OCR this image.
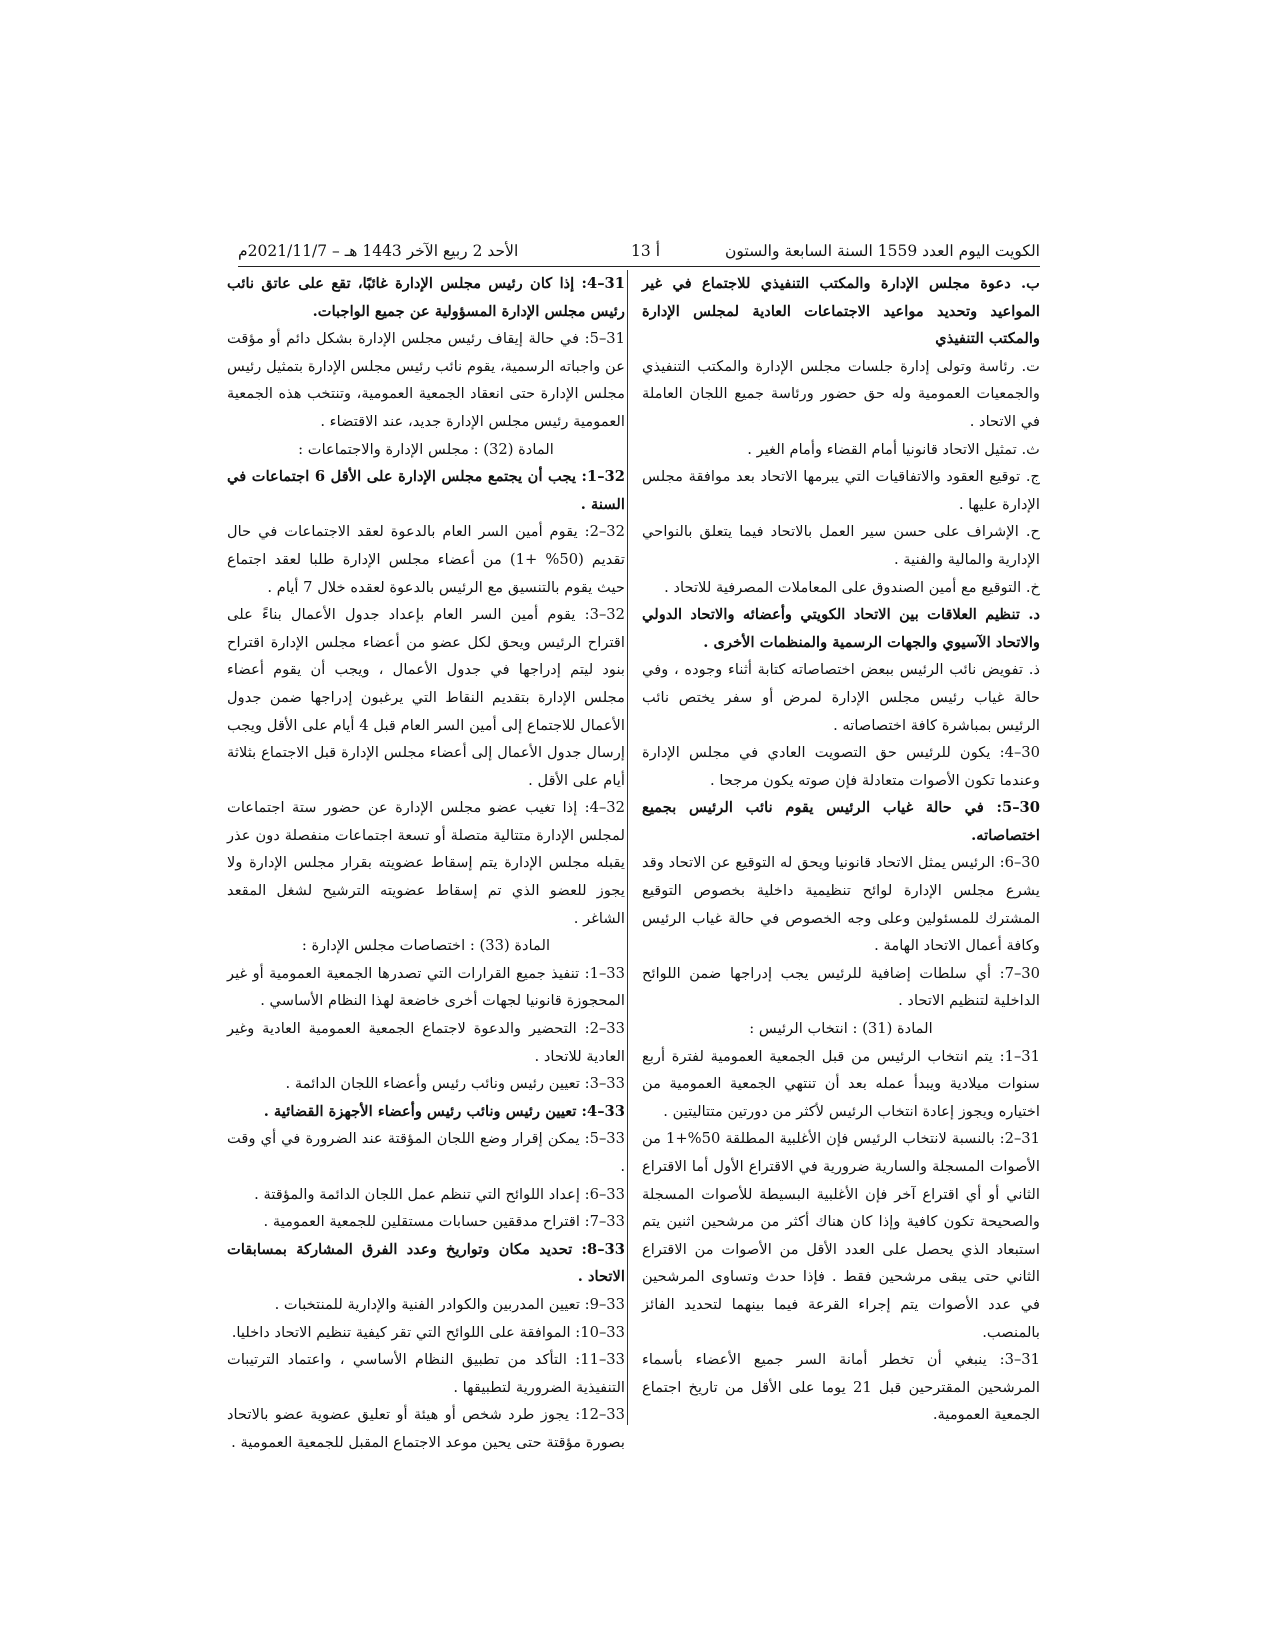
الكويت اليوم العدد 1559 السنة السابعة والستون
أ 13
الأحد 2 ربيع الآخر 1443 هـ – 2021/11/7م

ب. دعوة مجلس الإدارة والمكتب التنفيذي للاجتماع في غير المواعيد وتحديد مواعيد الاجتماعات العادية لمجلس الإدارة والمكتب التنفيذي

ت. رئاسة وتولى إدارة جلسات مجلس الإدارة والمكتب التنفيذي والجمعيات العمومية وله حق حضور ورئاسة جميع اللجان العاملة في الاتحاد .

ث. تمثيل الاتحاد قانونيا أمام القضاء وأمام الغير .

ج. توقيع العقود والاتفاقيات التي يبرمها الاتحاد بعد موافقة مجلس الإدارة عليها .

ح. الإشراف على حسن سير العمل بالاتحاد فيما يتعلق بالنواحي الإدارية والمالية والفنية .

خ. التوقيع مع أمين الصندوق على المعاملات المصرفية للاتحاد .

د. تنظيم العلاقات بين الاتحاد الكويتي وأعضائه والاتحاد الدولي والاتحاد الآسيوي والجهات الرسمية والمنظمات الأخرى .

ذ. تفويض نائب الرئيس ببعض اختصاصاته كتابة أثناء وجوده ، وفي حالة غياب رئيس مجلس الإدارة لمرض أو سفر يختص نائب الرئيس بمباشرة كافة اختصاصاته .

30–4: يكون للرئيس حق التصويت العادي في مجلس الإدارة وعندما تكون الأصوات متعادلة فإن صوته يكون مرجحا .

30–5: في حالة غياب الرئيس يقوم نائب الرئيس بجميع اختصاصاته.

30–6: الرئيس يمثل الاتحاد قانونيا ويحق له التوقيع عن الاتحاد وقد يشرع مجلس الإدارة لوائح تنظيمية داخلية بخصوص التوقيع المشترك للمسئولين وعلى وجه الخصوص في حالة غياب الرئيس وكافة أعمال الاتحاد الهامة .

30–7: أي سلطات إضافية للرئيس يجب إدراجها ضمن اللوائح الداخلية لتنظيم الاتحاد .

المادة (31) : انتخاب الرئيس :

31–1: يتم انتخاب الرئيس من قبل الجمعية العمومية لفترة أربع سنوات ميلادية ويبدأ عمله بعد أن تنتهي الجمعية العمومية من اختياره ويجوز إعادة انتخاب الرئيس لأكثر من دورتين متتاليتين .

31–2: بالنسبة لانتخاب الرئيس فإن الأغلبية المطلقة 50%+1 من الأصوات المسجلة والسارية ضرورية في الاقتراع الأول أما الاقتراع الثاني أو أي اقتراع آخر فإن الأغلبية البسيطة للأصوات المسجلة والصحيحة تكون كافية وإذا كان هناك أكثر من مرشحين اثنين يتم استبعاد الذي يحصل على العدد الأقل من الأصوات من الاقتراع الثاني حتى يبقى مرشحين فقط . فإذا حدث وتساوى المرشحين في عدد الأصوات يتم إجراء القرعة فيما بينهما لتحديد الفائز بالمنصب.

31–3: ينبغي أن تخطر أمانة السر جميع الأعضاء بأسماء المرشحين المقترحين قبل 21 يوما على الأقل من تاريخ اجتماع الجمعية العمومية.

31–4: إذا كان رئيس مجلس الإدارة غائبًا، تقع على عاتق نائب رئيس مجلس الإدارة المسؤولية عن جميع الواجبات.

31–5: في حالة إيقاف رئيس مجلس الإدارة بشكل دائم أو مؤقت عن واجباته الرسمية، يقوم نائب رئيس مجلس الإدارة بتمثيل رئيس مجلس الإدارة حتى انعقاد الجمعية العمومية، وتنتخب هذه الجمعية العمومية رئيس مجلس الإدارة جديد، عند الاقتضاء .

المادة (32) : مجلس الإدارة والاجتماعات :

32–1: يجب أن يجتمع مجلس الإدارة على الأقل 6 اجتماعات في السنة .

32–2: يقوم أمين السر العام بالدعوة لعقد الاجتماعات في حال تقديم (50% +1) من أعضاء مجلس الإدارة طلبا لعقد اجتماع حيث يقوم بالتنسيق مع الرئيس بالدعوة لعقده خلال 7 أيام .

32–3: يقوم أمين السر العام بإعداد جدول الأعمال بناءً على اقتراح الرئيس ويحق لكل عضو من أعضاء مجلس الإدارة اقتراح بنود ليتم إدراجها في جدول الأعمال ، ويجب أن يقوم أعضاء مجلس الإدارة بتقديم النقاط التي يرغبون إدراجها ضمن جدول الأعمال للاجتماع إلى أمين السر العام قبل 4 أيام على الأقل ويجب إرسال جدول الأعمال إلى أعضاء مجلس الإدارة قبل الاجتماع بثلاثة أيام على الأقل .

32–4: إذا تغيب عضو مجلس الإدارة عن حضور ستة اجتماعات لمجلس الإدارة متتالية متصلة أو تسعة اجتماعات منفصلة دون عذر يقبله مجلس الإدارة يتم إسقاط عضويته بقرار مجلس الإدارة ولا يجوز للعضو الذي تم إسقاط عضويته الترشيح لشغل المقعد الشاغر .

المادة (33) : اختصاصات مجلس الإدارة :

33–1: تنفيذ جميع القرارات التي تصدرها الجمعية العمومية أو غير المحجوزة قانونيا لجهات أخرى خاضعة لهذا النظام الأساسي .

33–2: التحضير والدعوة لاجتماع الجمعية العمومية العادية وغير العادية للاتحاد .

33–3: تعيين رئيس ونائب رئيس وأعضاء اللجان الدائمة .

33–4: تعيين رئيس ونائب رئيس وأعضاء الأجهزة القضائية .

33–5: يمكن إقرار وضع اللجان المؤقتة عند الضرورة في أي وقت .

33–6: إعداد اللوائح التي تنظم عمل اللجان الدائمة والمؤقتة .

33–7: اقتراح مدققين حسابات مستقلين للجمعية العمومية .

33–8: تحديد مكان وتواريخ وعدد الفرق المشاركة بمسابقات الاتحاد .

33–9: تعيين المدربين والكوادر الفنية والإدارية للمنتخبات .

33–10: الموافقة على اللوائح التي تقر كيفية تنظيم الاتحاد داخليا.

33–11: التأكد من تطبيق النظام الأساسي ، واعتماد الترتيبات التنفيذية الضرورية لتطبيقها .

33–12: يجوز طرد شخص أو هيئة أو تعليق عضوية عضو بالاتحاد بصورة مؤقتة حتى يحين موعد الاجتماع المقبل للجمعية العمومية .
